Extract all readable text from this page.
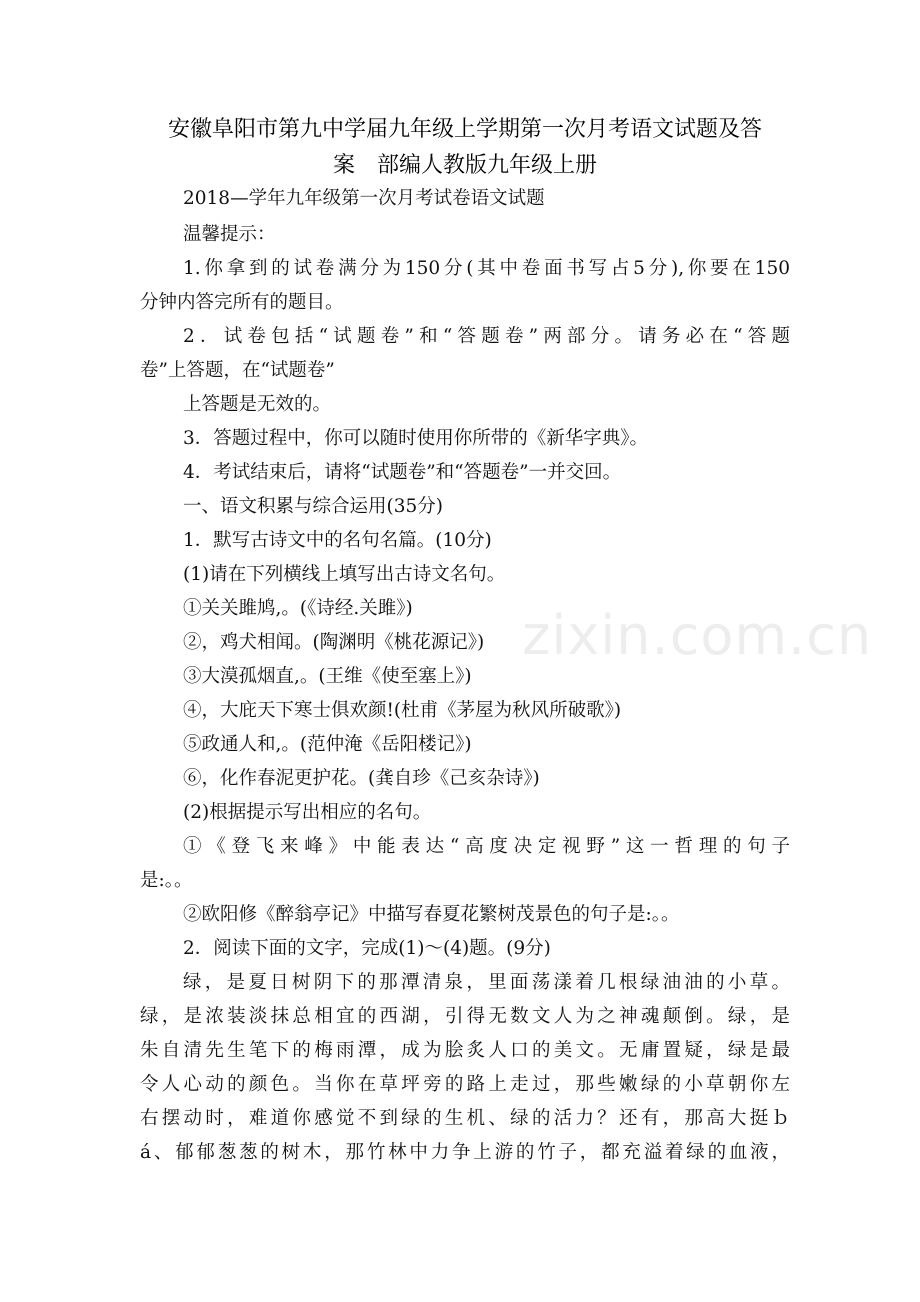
安徽阜阳市第九中学届九年级上学期第一次月考语文试题及答
案　部编人教版九年级上册
2018—学年九年级第一次月考试卷语文试题
温馨提示：
1.你拿到的试卷满分为150分(其中卷面书写占5分),你要在150
分钟内答完所有的题目。
2．试卷包括“试题卷”和“答题卷”两部分。请务必在“答题
卷”上答题，在“试题卷”
上答题是无效的。
3．答题过程中，你可以随时使用你所带的《新华字典》。
4．考试结束后，请将“试题卷”和“答题卷”一并交回。
一、语文积累与综合运用(35分)
1．默写古诗文中的名句名篇。(10分)
(1)请在下列横线上填写出古诗文名句。
①关关雎鸠,。(《诗经.关雎》)
②，鸡犬相闻。(陶渊明《桃花源记》)
③大漠孤烟直,。(王维《使至塞上》)
④，大庇天下寒士俱欢颜!(杜甫《茅屋为秋风所破歌》)
⑤政通人和,。(范仲淹《岳阳楼记》)
⑥，化作春泥更护花。(龚自珍《己亥杂诗》)
(2)根据提示写出相应的名句。
①《登飞来峰》中能表达“高度决定视野”这一哲理的句子
是:。。
②欧阳修《醉翁亭记》中描写春夏花繁树茂景色的句子是:。。
2．阅读下面的文字，完成(1)～(4)题。(9分)
绿，是夏日树阴下的那潭清泉，里面荡漾着几根绿油油的小草。
绿，是浓装淡抹总相宜的西湖，引得无数文人为之神魂颠倒。绿，是
朱自清先生笔下的梅雨潭，成为脍炙人口的美文。无庸置疑，绿是最
令人心动的颜色。当你在草坪旁的路上走过，那些嫩绿的小草朝你左
右摆动时，难道你感觉不到绿的生机、绿的活力？还有，那高大挺ｂ
á、郁郁葱葱的树木，那竹林中力争上游的竹子，都充溢着绿的血液，
zixin.com.cn
